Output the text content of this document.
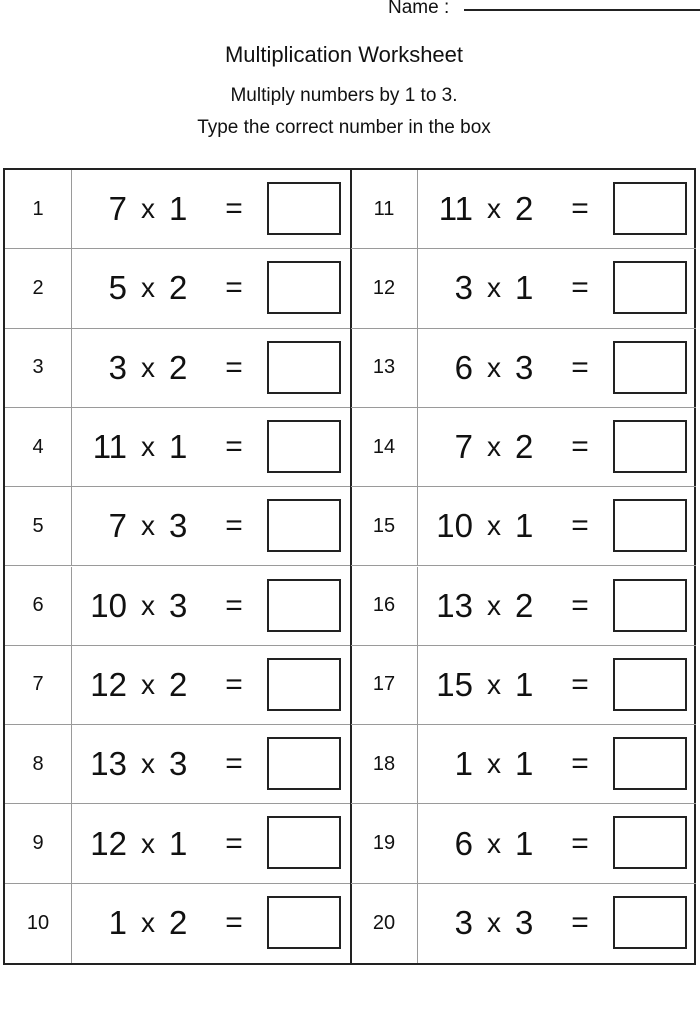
Name :
Multiplication Worksheet
Multiply numbers by 1 to 3.
Type the correct number in the box
1	7 x 1	=
2	5 x 2	=
3	3 x 2	=
4	11 x 1	=
5	7 x 3	=
6	10 x 3	=
7	12 x 2	=
8	13 x 3	=
9	12 x 1	=
10	1 x 2	=
11	11 x 2	=
12	3 x 1	=
13	6 x 3	=
14	7 x 2	=
15	10 x 1	=
16	13 x 2	=
17	15 x 1	=
18	1 x 1	=
19	6 x 1	=
20	3 x 3	=
